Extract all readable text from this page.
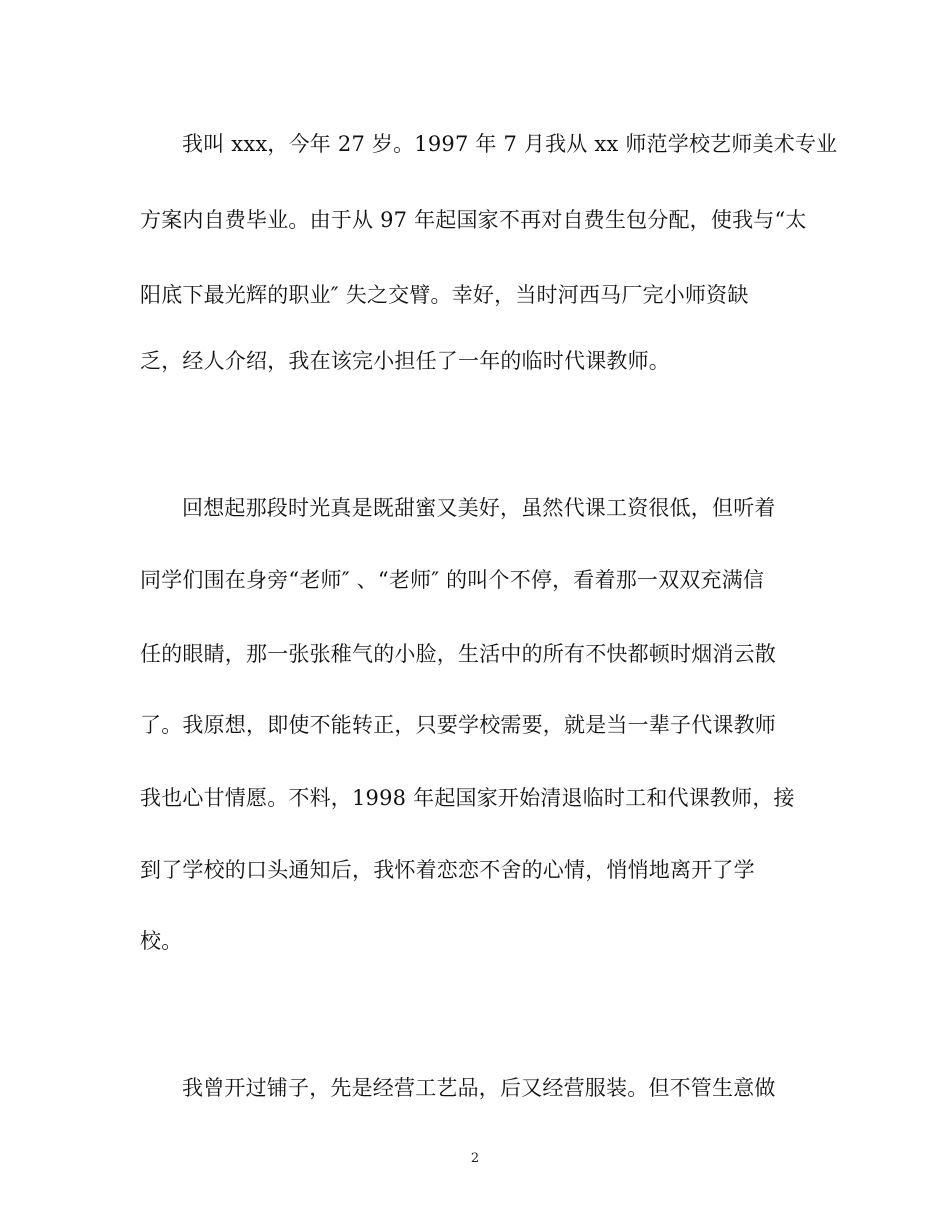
我叫 xxx，今年 27 岁。1997 年 7 月我从 xx 师范学校艺师美术专业
方案内自费毕业。由于从 97 年起国家不再对自费生包分配，使我与“太
阳底下最光辉的职业″ 失之交臂。幸好，当时河西马厂完小师资缺
乏，经人介绍，我在该完小担任了一年的临时代课教师。
回想起那段时光真是既甜蜜又美好，虽然代课工资很低，但听着
同学们围在身旁“老师″ 、“老师″ 的叫个不停，看着那一双双充满信
任的眼睛，那一张张稚气的小脸，生活中的所有不快都顿时烟消云散
了。我原想，即使不能转正，只要学校需要，就是当一辈子代课教师
我也心甘情愿。不料，1998 年起国家开始清退临时工和代课教师，接
到了学校的口头通知后，我怀着恋恋不舍的心情，悄悄地离开了学
校。
我曾开过铺子，先是经营工艺品，后又经营服装。但不管生意做
2
